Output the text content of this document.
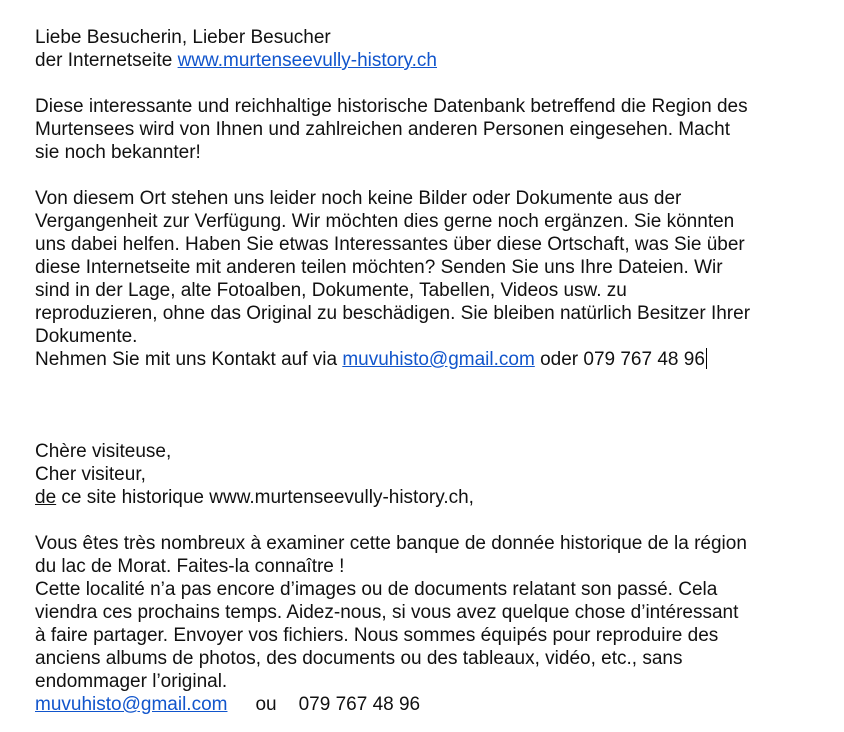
Liebe Besucherin, Lieber Besucher
der Internetseite www.murtenseevully-history.ch
Diese interessante und reichhaltige historische Datenbank betreffend die Region des
Murtensees wird von Ihnen und zahlreichen anderen Personen eingesehen. Macht
sie noch bekannter!
Von diesem Ort stehen uns leider noch keine Bilder oder Dokumente aus der
Vergangenheit zur Verfügung. Wir möchten dies gerne noch ergänzen. Sie könnten
uns dabei helfen. Haben Sie etwas Interessantes über diese Ortschaft, was Sie über
diese Internetseite mit anderen teilen möchten? Senden Sie uns Ihre Dateien. Wir
sind in der Lage, alte Fotoalben, Dokumente, Tabellen, Videos usw. zu
reproduzieren, ohne das Original zu beschädigen. Sie bleiben natürlich Besitzer Ihrer
Dokumente.
Nehmen Sie mit uns Kontakt auf via muvuhisto@gmail.com oder 079 767 48 96
Chère visiteuse,
Cher visiteur,
de ce site historique www.murtenseevully-history.ch,
Vous êtes très nombreux à examiner cette banque de donnée historique de la région
du lac de Morat. Faites-la connaître !
Cette localité n’a pas encore d’images ou de documents relatant son passé. Cela
viendra ces prochains temps. Aidez-nous, si vous avez quelque chose d’intéressant
à faire partager. Envoyer vos fichiers. Nous sommes équipés pour reproduire des
anciens albums de photos, des documents ou des tableaux, vidéo, etc., sans
endommager l’original.
muvuhisto@gmail.com ou 079 767 48 96
